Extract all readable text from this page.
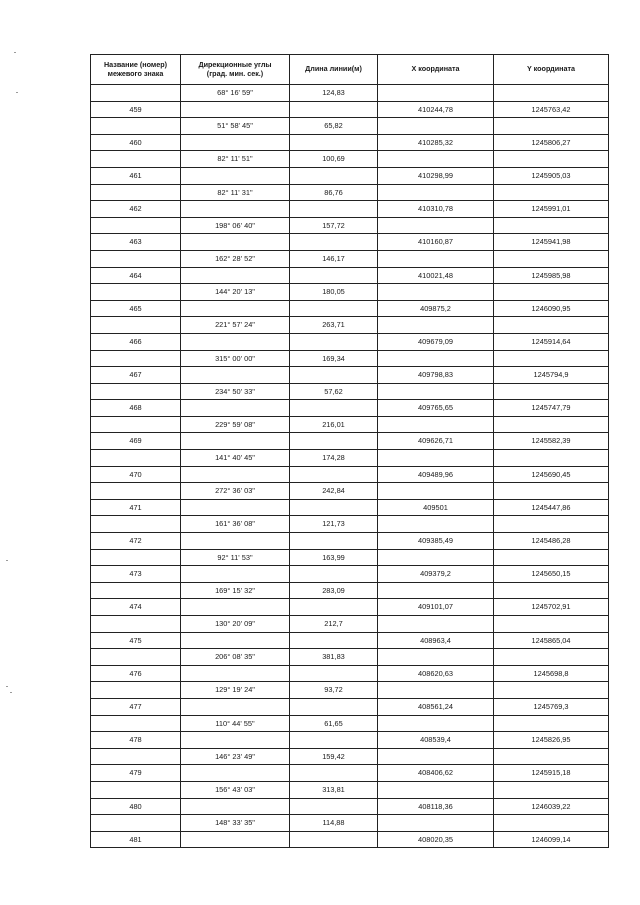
Название (номер)
межевого знака	Дирекционные углы
(град. мин. сек.)	Длина линии(м)	X координата	Y координата
	68° 16' 59"	124,83		
459			410244,78	1245763,42
	51° 58' 45"	65,82		
460			410285,32	1245806,27
	82° 11' 51"	100,69		
461			410298,99	1245905,03
	82° 11' 31"	86,76		
462			410310,78	1245991,01
	198° 06' 40"	157,72		
463			410160,87	1245941,98
	162° 28' 52"	146,17		
464			410021,48	1245985,98
	144° 20' 13"	180,05		
465			409875,2	1246090,95
	221° 57' 24"	263,71		
466			409679,09	1245914,64
	315° 00' 00"	169,34		
467			409798,83	1245794,9
	234° 50' 33"	57,62		
468			409765,65	1245747,79
	229° 59' 08"	216,01		
469			409626,71	1245582,39
	141° 40' 45"	174,28		
470			409489,96	1245690,45
	272° 36' 03"	242,84		
471			409501	1245447,86
	161° 36' 08"	121,73		
472			409385,49	1245486,28
	92° 11' 53"	163,99		
473			409379,2	1245650,15
	169° 15' 32"	283,09		
474			409101,07	1245702,91
	130° 20' 09"	212,7		
475			408963,4	1245865,04
	206° 08' 35"	381,83		
476			408620,63	1245698,8
	129° 19' 24"	93,72		
477			408561,24	1245769,3
	110° 44' 55"	61,65		
478			408539,4	1245826,95
	146° 23' 49"	159,42		
479			408406,62	1245915,18
	156° 43' 03"	313,81		
480			408118,36	1246039,22
	148° 33' 35"	114,88		
481			408020,35	1246099,14
